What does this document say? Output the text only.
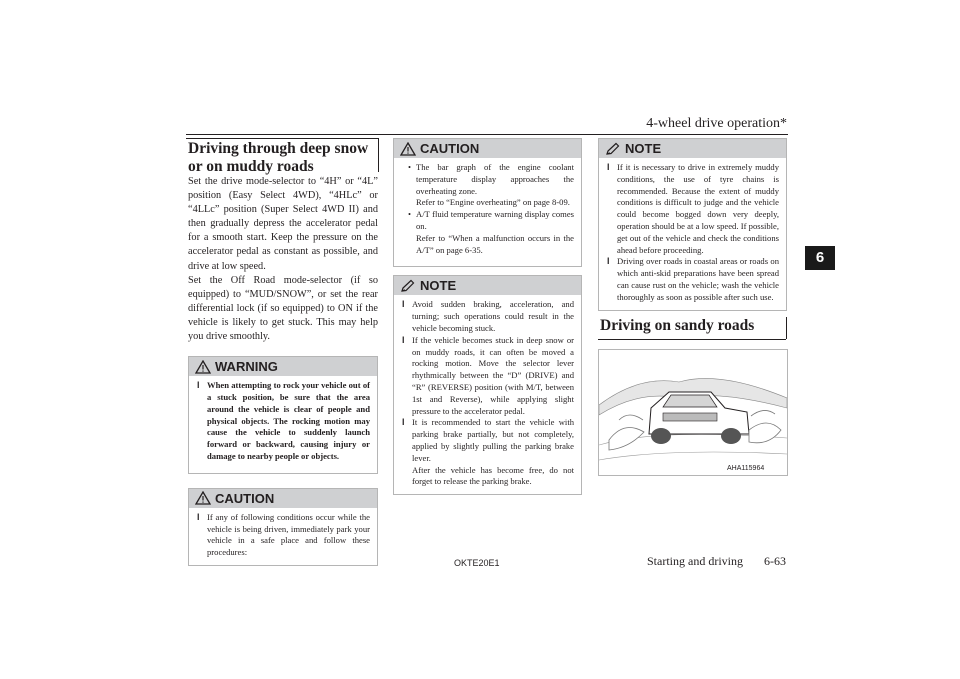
4-wheel drive operation*
6
Driving through deep snow or on muddy roads
Set the drive mode-selector to “4H” or “4L” position (Easy Select 4WD), “4HLc” or “4LLc” position (Super Select 4WD II) and then gradually depress the accelerator pedal for a smooth start. Keep the pressure on the accelerator pedal as constant as possible, and drive at low speed.
Set the Off Road mode-selector (if so equipped) to “MUD/SNOW”, or set the rear differential lock (if so equipped) to ON if the vehicle is likely to get stuck. This may help you drive smoothly.
WARNING
l When attempting to rock your vehicle out of a stuck position, be sure that the area around the vehicle is clear of people and physical objects. The rocking motion may cause the vehicle to suddenly launch forward or backward, causing injury or damage to nearby people or objects.
CAUTION
l If any of following conditions occur while the vehicle is being driven, immediately park your vehicle in a safe place and follow these procedures:
CAUTION
• The bar graph of the engine coolant temperature display approaches the overheating zone.
Refer to “Engine overheating” on page 8-09.
• A/T fluid temperature warning display comes on.
Refer to “When a malfunction occurs in the A/T” on page 6-35.
NOTE
l Avoid sudden braking, acceleration, and turning; such operations could result in the vehicle becoming stuck.
l If the vehicle becomes stuck in deep snow or on muddy roads, it can often be moved a rocking motion. Move the selector lever rhythmically between the “D” (DRIVE) and “R” (REVERSE) position (with M/T, between 1st and Reverse), while applying slight pressure to the accelerator pedal.
l It is recommended to start the vehicle with parking brake partially, but not completely, applied by slightly pulling the parking brake lever.
After the vehicle has become free, do not forget to release the parking brake.
NOTE
l If it is necessary to drive in extremely muddy conditions, the use of tyre chains is recommended. Because the extent of muddy conditions is difficult to judge and the vehicle could become bogged down very deeply, operation should be at a low speed. If possible, get out of the vehicle and check the conditions ahead before proceeding.
l Driving over roads in coastal areas or roads on which anti-skid preparations have been spread can cause rust on the vehicle; wash the vehicle thoroughly as soon as possible after such use.
Driving on sandy roads
AHA115964
OKTE20E1	Starting and driving 6-63
